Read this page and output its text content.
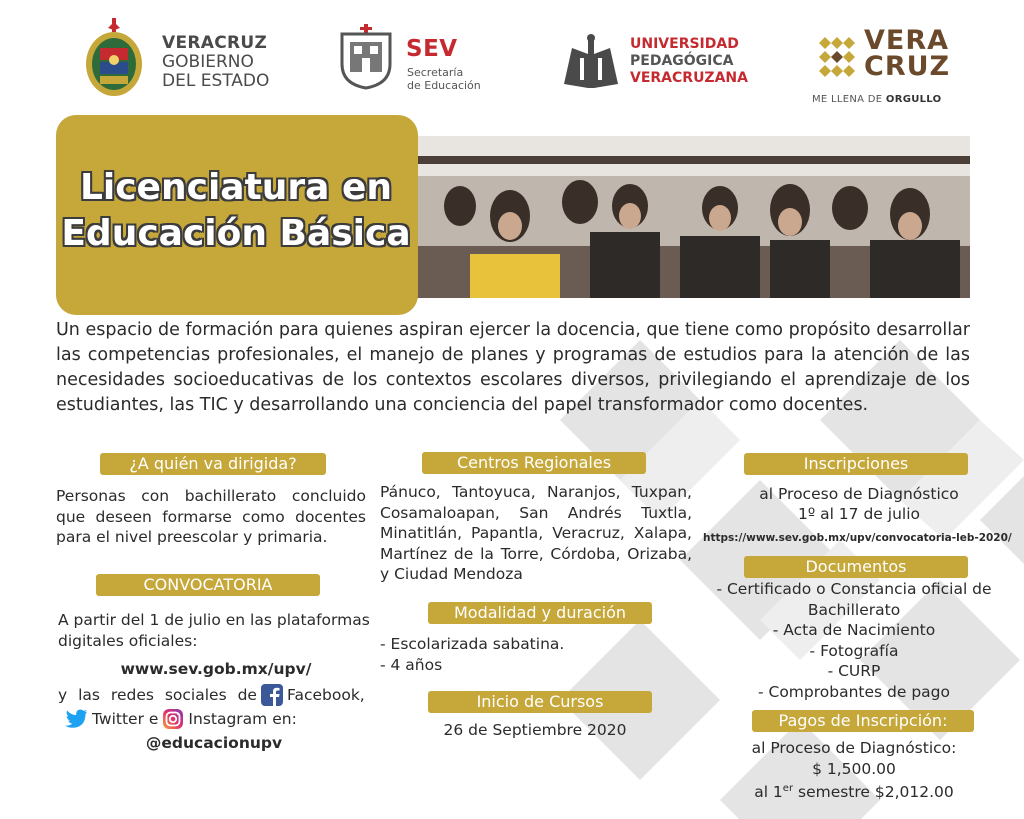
VERACRUZ
GOBIERNO
DEL ESTADO
SEV
Secretaría
de Educación
UNIVERSIDAD
PEDAGÓGICA
VERACRUZANA
VERA
CRUZ
ME LLENA DE ORGULLO
Licenciatura en
Educación Básica

Un espacio de formación para quienes aspiran ejercer la docencia, que tiene como propósito desarrollar las competencias profesionales, el manejo de planes y programas de estudios para la atención de las necesidades socioeducativas de los contextos escolares diversos, privilegiando el aprendizaje de los estudiantes, las TIC y desarrollando una conciencia del papel transformador como docentes.

¿A quién va dirigida?

Personas con bachillerato concluido que deseen formarse como docentes para el nivel preescolar y primaria.

CONVOCATORIA

A partir del 1 de julio en las plataformas digitales oficiales:

www.sev.gob.mx/upv/
y las redes sociales de Facebook,
Twitter e Instagram en:
@educacionupv
Centros Regionales

Pánuco, Tantoyuca, Naranjos, Tuxpan, Cosamaloapan, San Andrés Tuxtla, Minatitlán, Papantla, Veracruz, Xalapa, Martínez de la Torre, Córdoba, Orizaba, y Ciudad Mendoza

Modalidad y duración
- Escolarizada sabatina.
- 4 años
Inicio de Cursos
26 de Septiembre 2020
Inscripciones
al Proceso de Diagnóstico
1º al 17 de julio
https://www.sev.gob.mx/upv/convocatoria-leb-2020/
Documentos
- Certificado o Constancia oficial de Bachillerato
- Acta de Nacimiento
- Fotografía
- CURP
- Comprobantes de pago
Pagos de Inscripción:
al Proceso de Diagnóstico:
$ 1,500.00
al 1er semestre $2,012.00
